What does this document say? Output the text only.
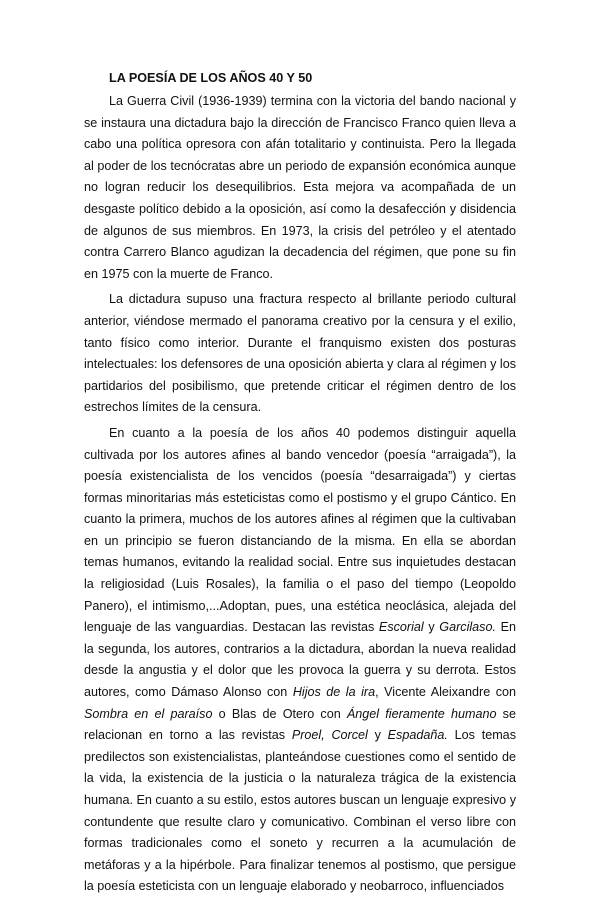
LA POESÍA DE LOS AÑOS 40 Y 50

La Guerra Civil (1936-1939) termina con la victoria del bando nacional y se instaura una dictadura bajo la dirección de Francisco Franco quien lleva a cabo una política opresora con afán totalitario y continuista. Pero la llegada al poder de los tecnócratas abre un periodo de expansión económica aunque no logran reducir los desequilibrios. Esta mejora va acompañada de un desgaste político debido a la oposición, así como la desafección y disidencia de algunos de sus miembros. En 1973, la crisis del petróleo y el atentado contra Carrero Blanco agudizan la decadencia del régimen, que pone su fin en 1975 con la muerte de Franco.

La dictadura supuso una fractura respecto al brillante periodo cultural anterior, viéndose mermado el panorama creativo por la censura y el exilio, tanto físico como interior. Durante el franquismo existen dos posturas intelectuales: los defensores de una oposición abierta y clara al régimen y los partidarios del posibilismo, que pretende criticar el régimen dentro de los estrechos límites de la censura.

En cuanto a la poesía de los años 40 podemos distinguir aquella cultivada por los autores afines al bando vencedor (poesía “arraigada”), la poesía existencialista de los vencidos (poesía “desarraigada”) y ciertas formas minoritarias más esteticistas como el postismo y el grupo Cántico. En cuanto la primera, muchos de los autores afines al régimen que la cultivaban en un principio se fueron distanciando de la misma. En ella se abordan temas humanos, evitando la realidad social. Entre sus inquietudes destacan la religiosidad (Luis Rosales), la familia o el paso del tiempo (Leopoldo Panero), el intimismo,...Adoptan, pues, una estética neoclásica, alejada del lenguaje de las vanguardias. Destacan las revistas Escorial y Garcilaso. En la segunda, los autores, contrarios a la dictadura, abordan la nueva realidad desde la angustia y el dolor que les provoca la guerra y su derrota. Estos autores, como Dámaso Alonso con Hijos de la ira, Vicente Aleixandre con Sombra en el paraíso o Blas de Otero con Ángel fieramente humano se relacionan en torno a las revistas Proel, Corcel y Espadaña. Los temas predilectos son existencialistas, planteándose cuestiones como el sentido de la vida, la existencia de la justicia o la naturaleza trágica de la existencia humana. En cuanto a su estilo, estos autores buscan un lenguaje expresivo y contundente que resulte claro y comunicativo. Combinan el verso libre con formas tradicionales como el soneto y recurren a la acumulación de metáforas y a la hipérbole. Para finalizar tenemos al postismo, que persigue la poesía esteticista con un lenguaje elaborado y neobarroco, influenciados
